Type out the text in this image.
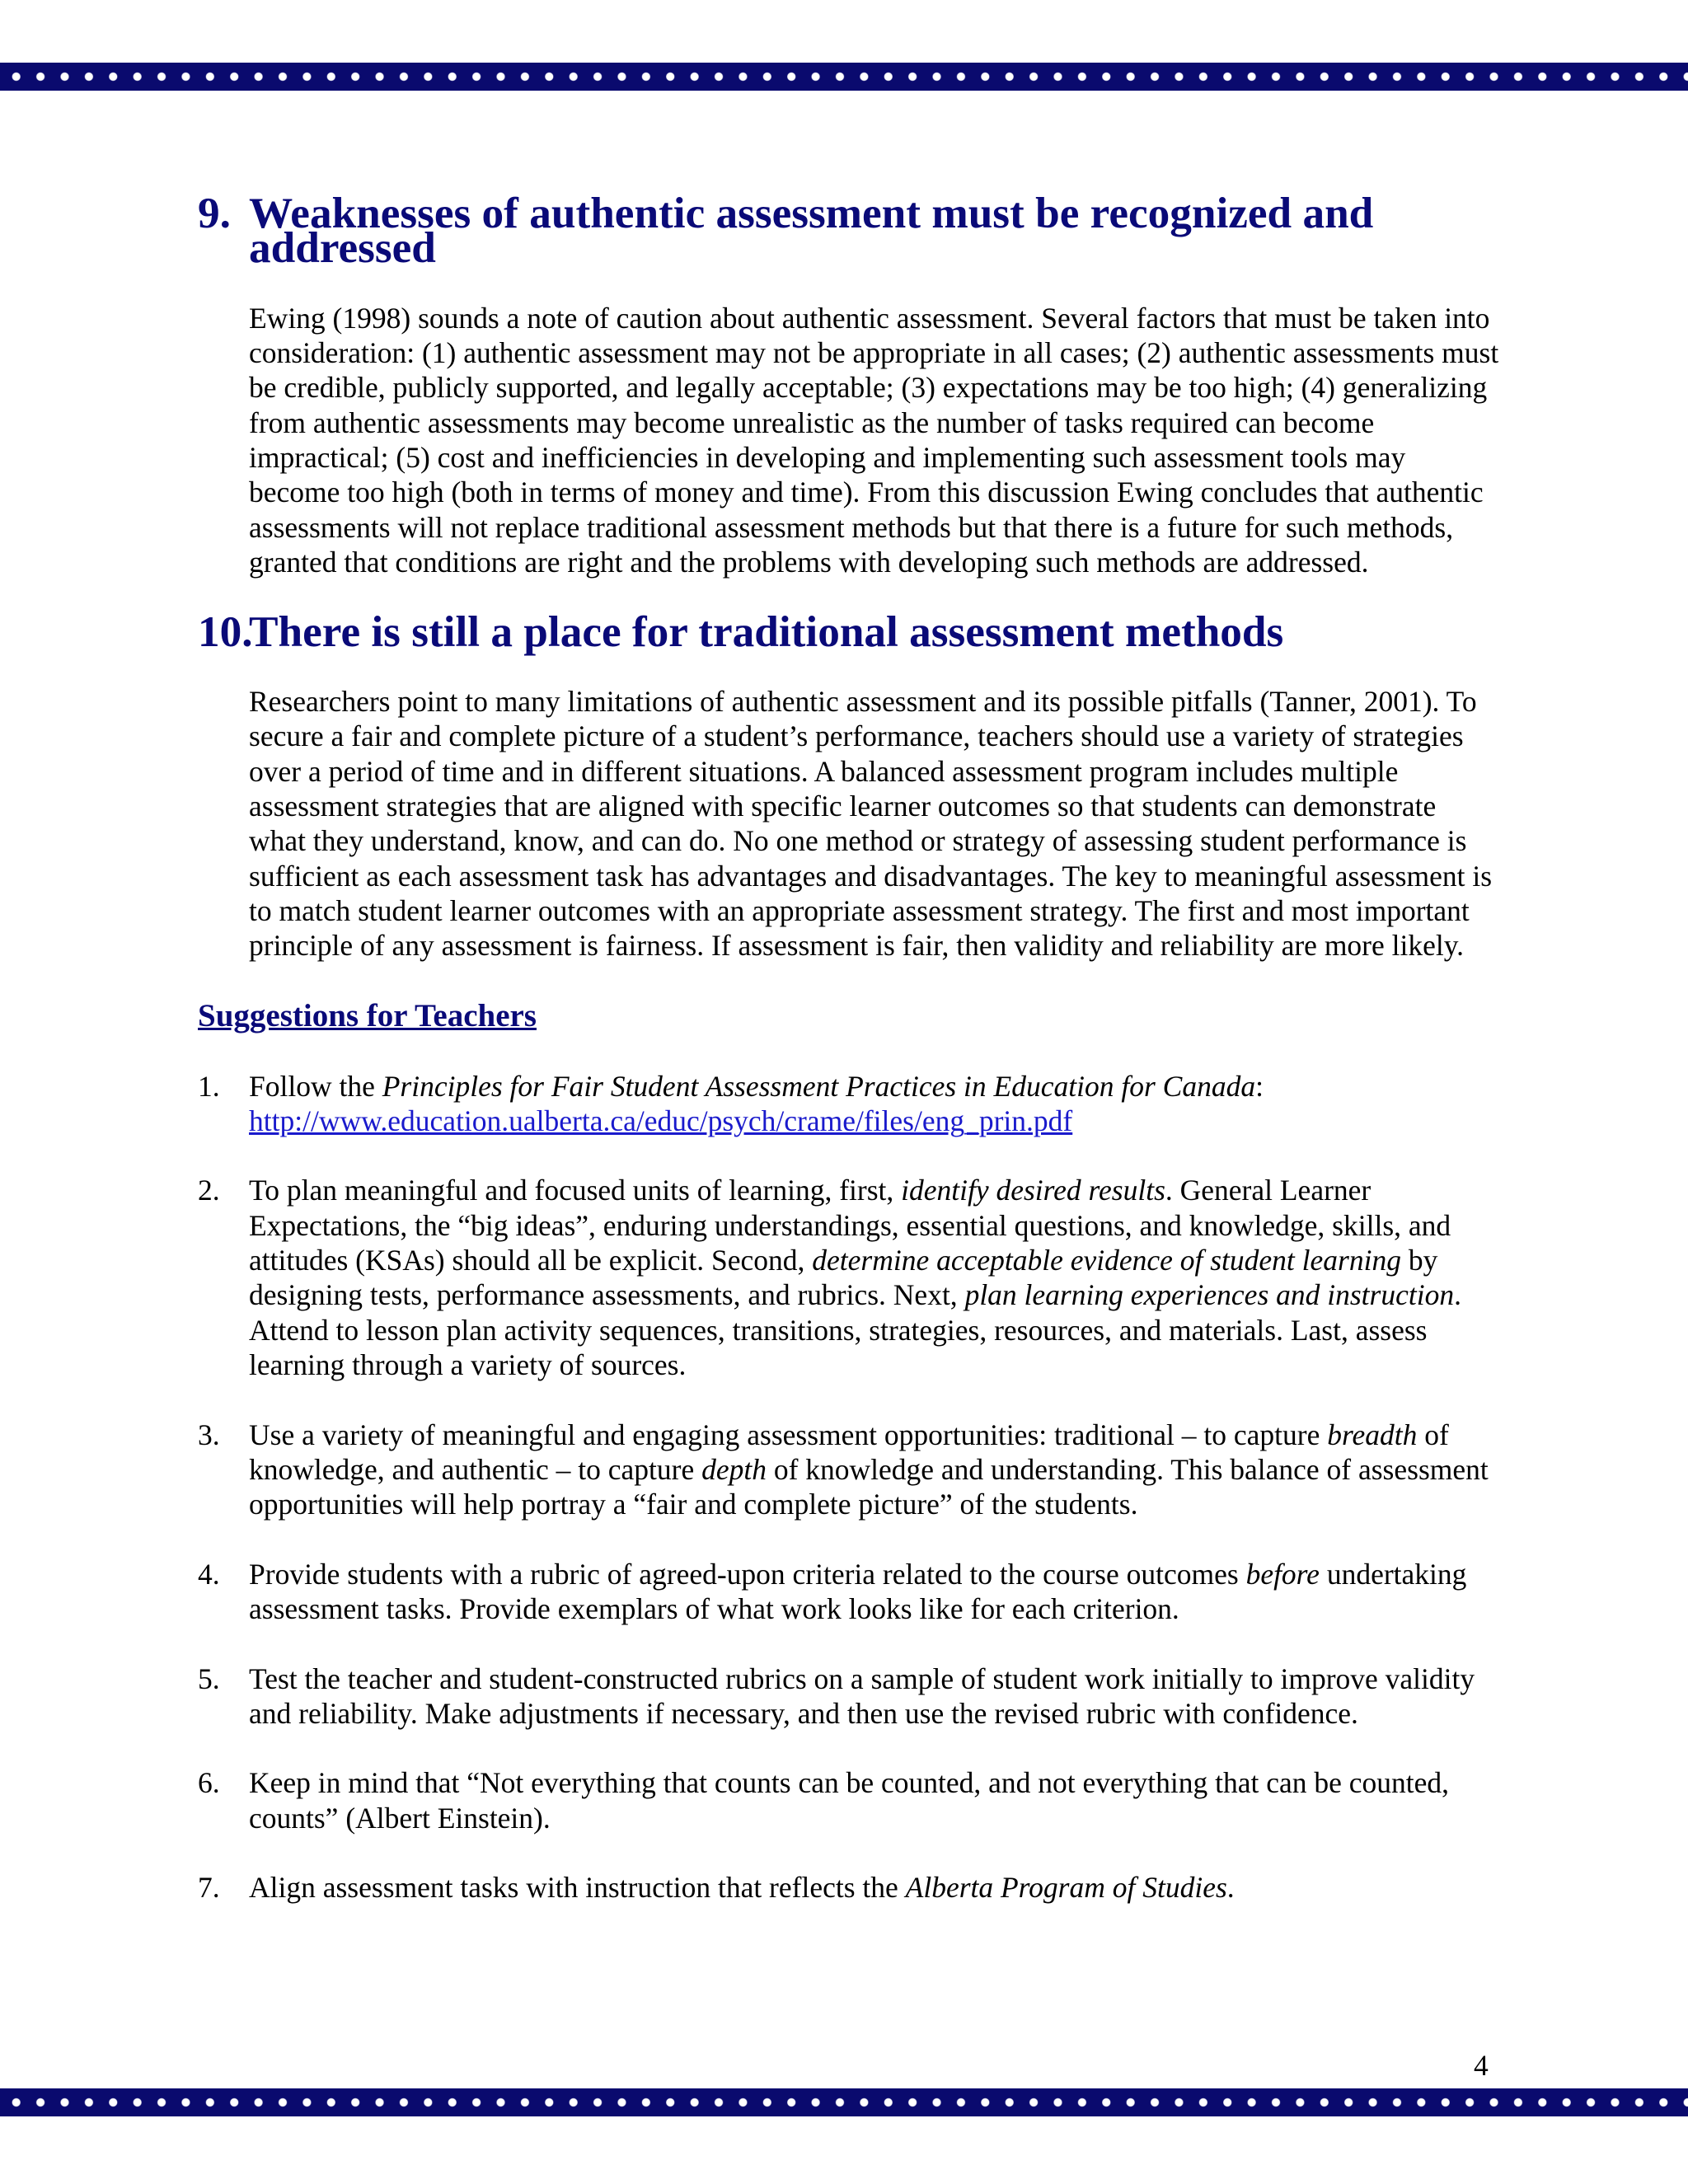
9. Weaknesses of authentic assessment must be recognized and addressed

Ewing (1998) sounds a note of caution about authentic assessment. Several factors that must be taken into consideration: (1) authentic assessment may not be appropriate in all cases; (2) authentic assessments must be credible, publicly supported, and legally acceptable; (3) expectations may be too high; (4) generalizing from authentic assessments may become unrealistic as the number of tasks required can become impractical; (5) cost and inefficiencies in developing and implementing such assessment tools may become too high (both in terms of money and time). From this discussion Ewing concludes that authentic assessments will not replace traditional assessment methods but that there is a future for such methods, granted that conditions are right and the problems with developing such methods are addressed.

10.
There is still a place for traditional assessment methods

Researchers point to many limitations of authentic assessment and its possible pitfalls (Tanner, 2001). To secure a fair and complete picture of a student’s performance, teachers should use a variety of strategies over a period of time and in different situations. A balanced assessment program includes multiple assessment strategies that are aligned with specific learner outcomes so that students can demonstrate what they understand, know, and can do. No one method or strategy of assessing student performance is sufficient as each assessment task has advantages and disadvantages. The key to meaningful assessment is to match student learner outcomes with an appropriate assessment strategy. The first and most important principle of any assessment is fairness. If assessment is fair, then validity and reliability are more likely.

Suggestions for Teachers
1. Follow the Principles for Fair Student Assessment Practices in Education for Canada:
http://www.education.ualberta.ca/educ/psych/crame/files/eng_prin.pdf
2. To plan meaningful and focused units of learning, first, identify desired results. General Learner Expectations, the “big ideas”, enduring understandings, essential questions, and knowledge, skills, and attitudes (KSAs) should all be explicit. Second, determine acceptable evidence of student learning by designing tests, performance assessments, and rubrics. Next, plan learning experiences and instruction. Attend to lesson plan activity sequences, transitions, strategies, resources, and materials. Last, assess learning through a variety of sources.
3. Use a variety of meaningful and engaging assessment opportunities: traditional – to capture breadth of knowledge, and authentic – to capture depth of knowledge and understanding. This balance of assessment opportunities will help portray a “fair and complete picture” of the students.
4. Provide students with a rubric of agreed-upon criteria related to the course outcomes before undertaking assessment tasks. Provide exemplars of what work looks like for each criterion.
5. Test the teacher and student-constructed rubrics on a sample of student work initially to improve validity and reliability. Make adjustments if necessary, and then use the revised rubric with confidence.
6. Keep in mind that “Not everything that counts can be counted, and not everything that can be counted, counts” (Albert Einstein).
7. Align assessment tasks with instruction that reflects the Alberta Program of Studies.
4
